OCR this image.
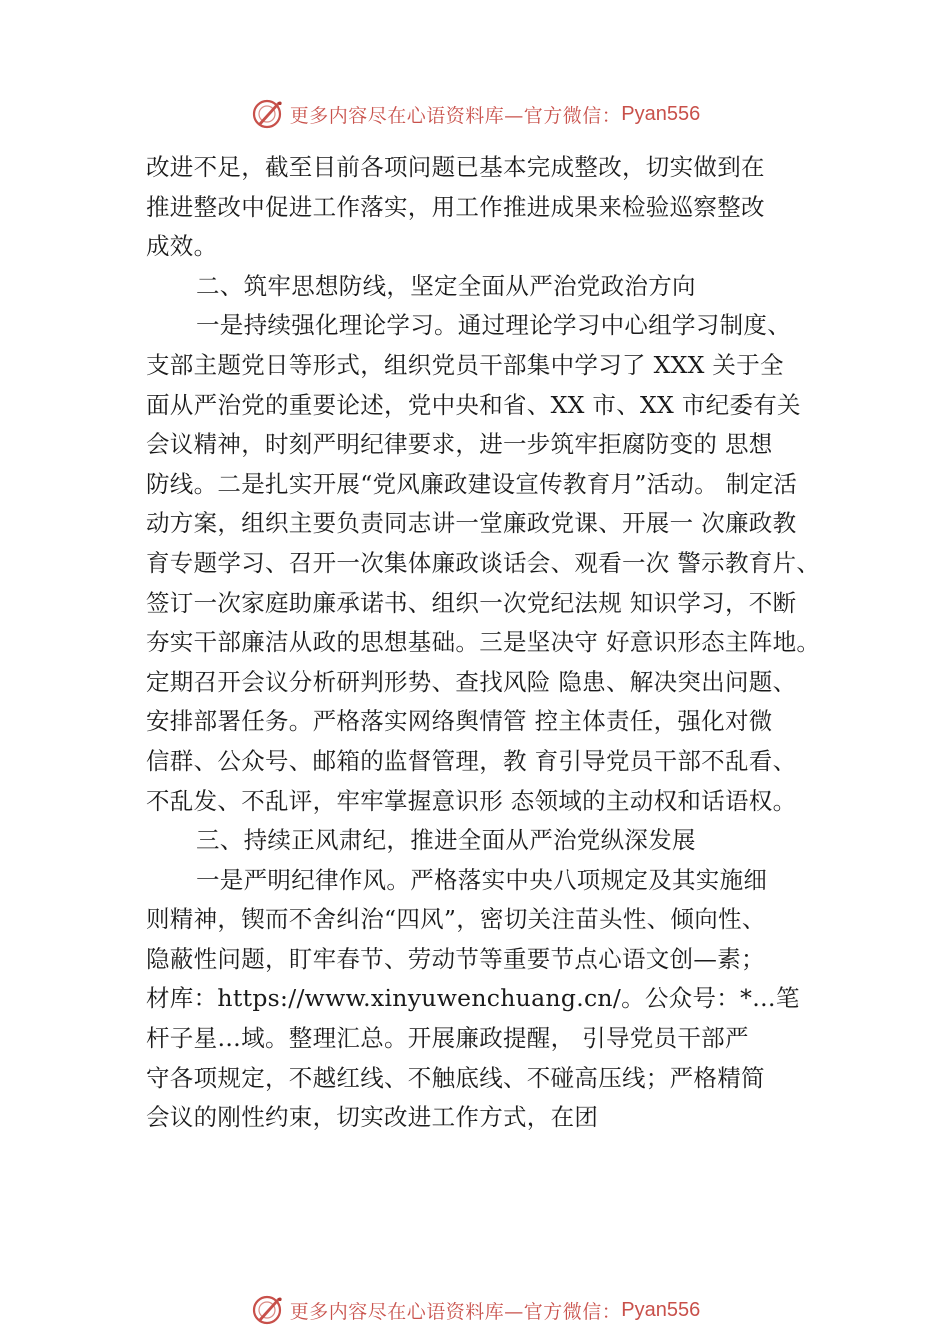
更多内容尽在心语资料库—官方微信： Pyan556
改进不足，截至目前各项问题已基本完成整改，切实做到在
推进整改中促进工作落实，用工作推进成果来检验巡察整改
成效。
二、筑牢思想防线，坚定全面从严治党政治方向
一是持续强化理论学习。通过理论学习中心组学习制度、
支部主题党日等形式，组织党员干部集中学习了 XXX 关于全
面从严治党的重要论述，党中央和省、XX 市、XX 市纪委有关
会议精神，时刻严明纪律要求，进一步筑牢拒腐防变的 思想
防线。二是扎实开展“党风廉政建设宣传教育月”活动。 制定活
动方案，组织主要负责同志讲一堂廉政党课、开展一 次廉政教
育专题学习、召开一次集体廉政谈话会、观看一次 警示教育片、
签订一次家庭助廉承诺书、组织一次党纪法规 知识学习，不断
夯实干部廉洁从政的思想基础。三是坚决守 好意识形态主阵地。
定期召开会议分析研判形势、查找风险 隐患、解决突出问题、
安排部署任务。严格落实网络舆情管 控主体责任，强化对微
信群、公众号、邮箱的监督管理，教 育引导党员干部不乱看、
不乱发、不乱评，牢牢掌握意识形 态领域的主动权和话语权。
三、持续正风肃纪，推进全面从严治党纵深发展
一是严明纪律作风。严格落实中央八项规定及其实施细
则精神，锲而不舍纠治“四风”，密切关注苗头性、倾向性、
隐蔽性问题，盯牢春节、劳动节等重要节点心语文创—素；
材库：https://www.xinyuwenchuang.cn/。公众号：*…笔
杆子星…域。整理汇总。开展廉政提醒， 引导党员干部严
守各项规定，不越红线、不触底线、不碰高压线；严格精简
会议的刚性约束，切实改进工作方式，在团
更多内容尽在心语资料库—官方微信： Pyan556
